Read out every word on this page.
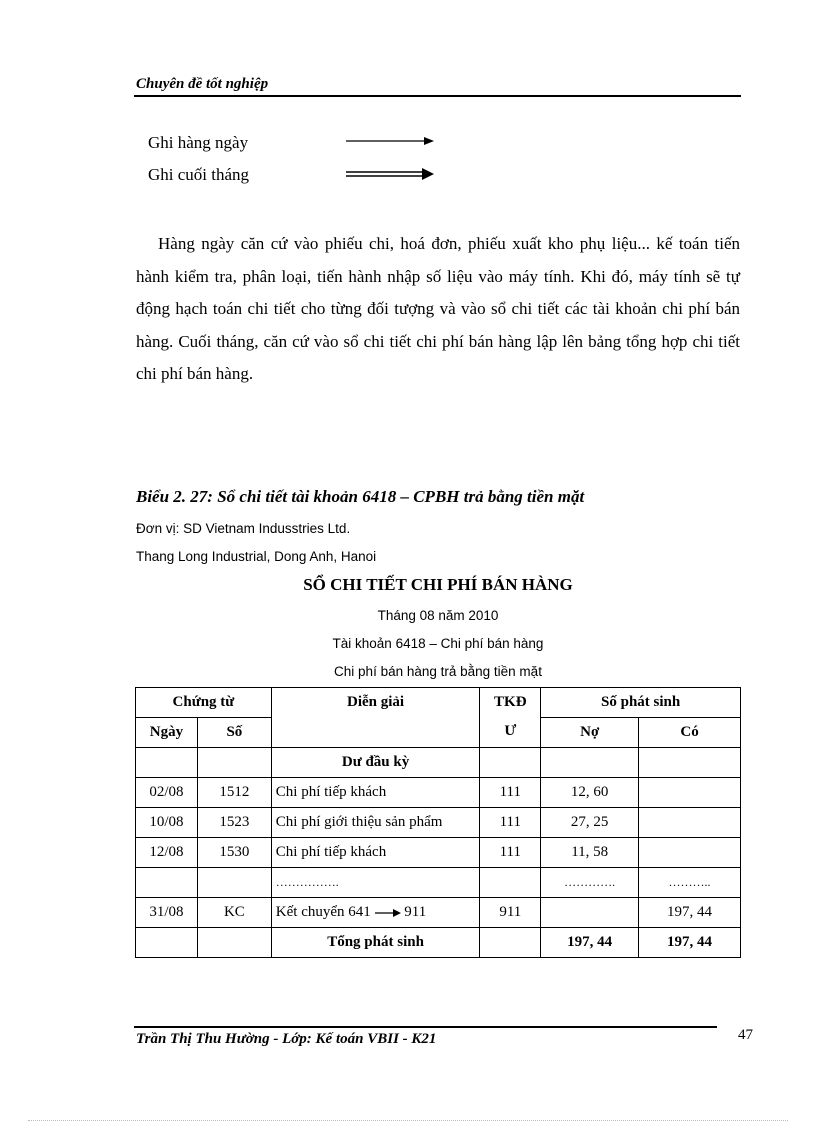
Chuyên đề tốt nghiệp
Ghi hàng ngày
Ghi cuối tháng
Hàng ngày căn cứ vào phiếu chi, hoá đơn, phiếu xuất kho phụ liệu... kế toán tiến hành kiểm tra, phân loại, tiến hành nhập số liệu vào máy tính. Khi đó, máy tính sẽ tự động hạch toán chi tiết cho từng đối tượng và vào sổ chi tiết các tài khoản chi phí bán hàng. Cuối tháng, căn cứ vào sổ chi tiết chi phí bán hàng lập lên bảng tổng hợp chi tiết chi phí bán hàng.
Biểu 2. 27: Sổ chi tiết tài khoản 6418 – CPBH trả bằng tiền mặt
Đơn vị: SD Vietnam Indusstries Ltd.
Thang Long Industrial, Dong Anh, Hanoi
SỔ CHI TIẾT CHI PHÍ BÁN HÀNG
Tháng 08 năm 2010
Tài khoản 6418 – Chi phí bán hàng
Chi phí bán hàng trả bằng tiền mặt
Chứng từ		Diễn giải	TKĐ
Ư	Số phát sinh	
Ngày	Số			Nợ	Có
		Dư đầu kỳ			
02/08	1512	Chi phí tiếp khách	111	12, 60	
10/08	1523	Chi phí giới thiệu sản phẩm	111	27, 25	
12/08	1530	Chi phí tiếp khách	111	11, 58	
		…………….		………….	………..
31/08	KC	Kết chuyển 641 911	911		197, 44
		Tổng phát sinh		197, 44	197, 44
Trần Thị Thu Hường - Lớp: Kế toán VBII - K21	47
